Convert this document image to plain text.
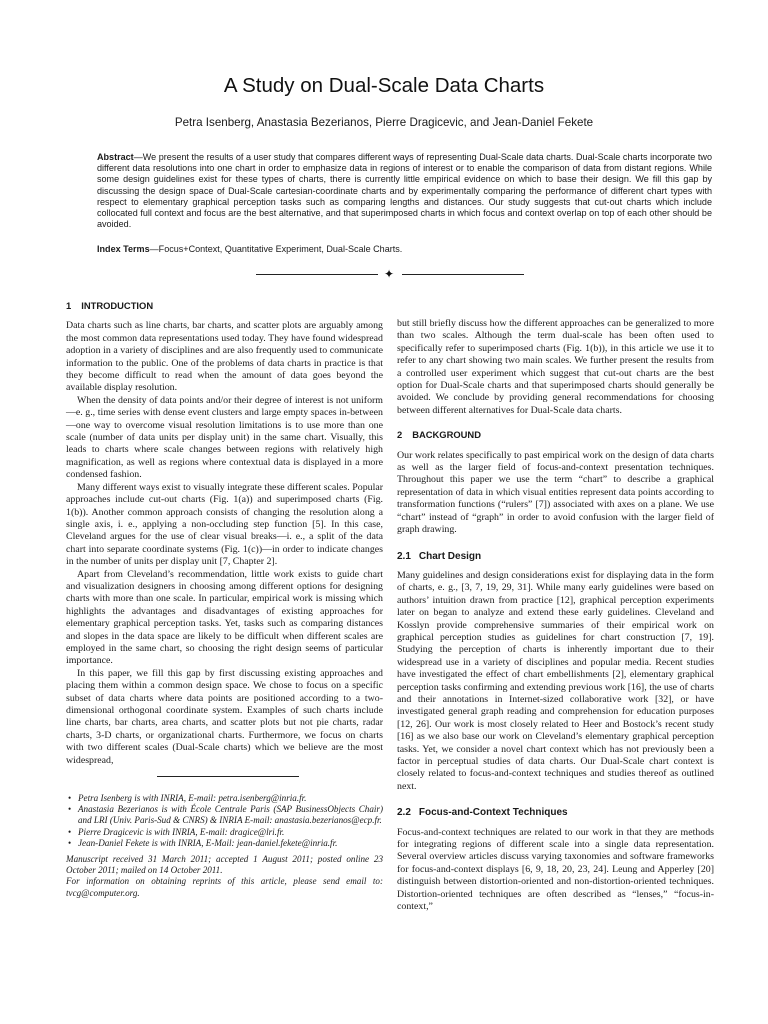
A Study on Dual-Scale Data Charts
Petra Isenberg, Anastasia Bezerianos, Pierre Dragicevic, and Jean-Daniel Fekete
Abstract—We present the results of a user study that compares different ways of representing Dual-Scale data charts. Dual-Scale charts incorporate two different data resolutions into one chart in order to emphasize data in regions of interest or to enable the comparison of data from distant regions. While some design guidelines exist for these types of charts, there is currently little empirical evidence on which to base their design. We fill this gap by discussing the design space of Dual-Scale cartesian-coordinate charts and by experimentally comparing the performance of different chart types with respect to elementary graphical perception tasks such as comparing lengths and distances. Our study suggests that cut-out charts which include collocated full context and focus are the best alternative, and that superimposed charts in which focus and context overlap on top of each other should be avoided.
Index Terms—Focus+Context, Quantitative Experiment, Dual-Scale Charts.
✦
1 INTRODUCTION

Data charts such as line charts, bar charts, and scatter plots are arguably among the most common data representations used today. They have found widespread adoption in a variety of disciplines and are also frequently used to communicate information to the public. One of the problems of data charts in practice is that they become difficult to read when the amount of data goes beyond the available display resolution.

When the density of data points and/or their degree of interest is not uniform—e. g., time series with dense event clusters and large empty spaces in-between—one way to overcome visual resolution limitations is to use more than one scale (number of data units per display unit) in the same chart. Visually, this leads to charts where scale changes between regions with relatively high magnification, as well as regions where contextual data is displayed in a more condensed fashion.

Many different ways exist to visually integrate these different scales. Popular approaches include cut-out charts (Fig. 1(a)) and superimposed charts (Fig. 1(b)). Another common approach consists of changing the resolution along a single axis, i. e., applying a non-occluding step function [5]. In this case, Cleveland argues for the use of clear visual breaks—i. e., a split of the data chart into separate coordinate systems (Fig. 1(c))—in order to indicate changes in the number of units per display unit [7, Chapter 2].

Apart from Cleveland’s recommendation, little work exists to guide chart and visualization designers in choosing among different options for designing charts with more than one scale. In particular, empirical work is missing which highlights the advantages and disadvantages of existing approaches for elementary graphical perception tasks. Yet, tasks such as comparing distances and slopes in the data space are likely to be difficult when different scales are employed in the same chart, so choosing the right design seems of particular importance.

In this paper, we fill this gap by first discussing existing approaches and placing them within a common design space. We chose to focus on a specific subset of data charts where data points are positioned according to a two-dimensional orthogonal coordinate system. Examples of such charts include line charts, bar charts, area charts, and scatter plots but not pie charts, radar charts, 3-D charts, or organizational charts. Furthermore, we focus on charts with two different scales (Dual-Scale charts) which we believe are the most widespread,

• Petra Isenberg is with INRIA, E-mail: petra.isenberg@inria.fr.
• Anastasia Bezerianos is with École Centrale Paris (SAP BusinessObjects Chair) and LRI (Univ. Paris-Sud & CNRS) & INRIA E-mail: anastasia.bezerianos@ecp.fr.
• Pierre Dragicevic is with INRIA, E-mail: dragice@lri.fr.
• Jean-Daniel Fekete is with INRIA, E-Mail: jean-daniel.fekete@inria.fr.
Manuscript received 31 March 2011; accepted 1 August 2011; posted online 23 October 2011; mailed on 14 October 2011.
For information on obtaining reprints of this article, please send email to: tvcg@computer.org.

but still briefly discuss how the different approaches can be generalized to more than two scales. Although the term dual-scale has been often used to specifically refer to superimposed charts (Fig. 1(b)), in this article we use it to refer to any chart showing two main scales. We further present the results from a controlled user experiment which suggest that cut-out charts are the best option for Dual-Scale charts and that superimposed charts should generally be avoided. We conclude by providing general recommendations for choosing between different alternatives for Dual-Scale data charts.

2 BACKGROUND

Our work relates specifically to past empirical work on the design of data charts as well as the larger field of focus-and-context presentation techniques. Throughout this paper we use the term “chart” to describe a graphical representation of data in which visual entities represent data points according to transformation functions (“rulers” [7]) associated with axes on a plane. We use “chart” instead of “graph” in order to avoid confusion with the larger field of graph drawing.

2.1 Chart Design

Many guidelines and design considerations exist for displaying data in the form of charts, e. g., [3, 7, 19, 29, 31]. While many early guidelines were based on authors’ intuition drawn from practice [12], graphical perception experiments later on began to analyze and extend these early guidelines. Cleveland and Kosslyn provide comprehensive summaries of their empirical work on graphical perception studies as guidelines for chart construction [7, 19]. Studying the perception of charts is inherently important due to their widespread use in a variety of disciplines and popular media. Recent studies have investigated the effect of chart embellishments [2], elementary graphical perception tasks confirming and extending previous work [16], the use of charts and their annotations in Internet-sized collaborative work [32], or have investigated general graph reading and comprehension for education purposes [12, 26]. Our work is most closely related to Heer and Bostock’s recent study [16] as we also base our work on Cleveland’s elementary graphical perception tasks. Yet, we consider a novel chart context which has not previously been a factor in perceptual studies of data charts. Our Dual-Scale chart context is closely related to focus-and-context techniques and studies thereof as outlined next.

2.2 Focus-and-Context Techniques

Focus-and-context techniques are related to our work in that they are methods for integrating regions of different scale into a single data representation. Several overview articles discuss varying taxonomies and software frameworks for focus-and-context displays [6, 9, 18, 20, 23, 24]. Leung and Apperley [20] distinguish between distortion-oriented and non-distortion-oriented techniques. Distortion-oriented techniques are often described as “lenses,” “focus-in-context,”
